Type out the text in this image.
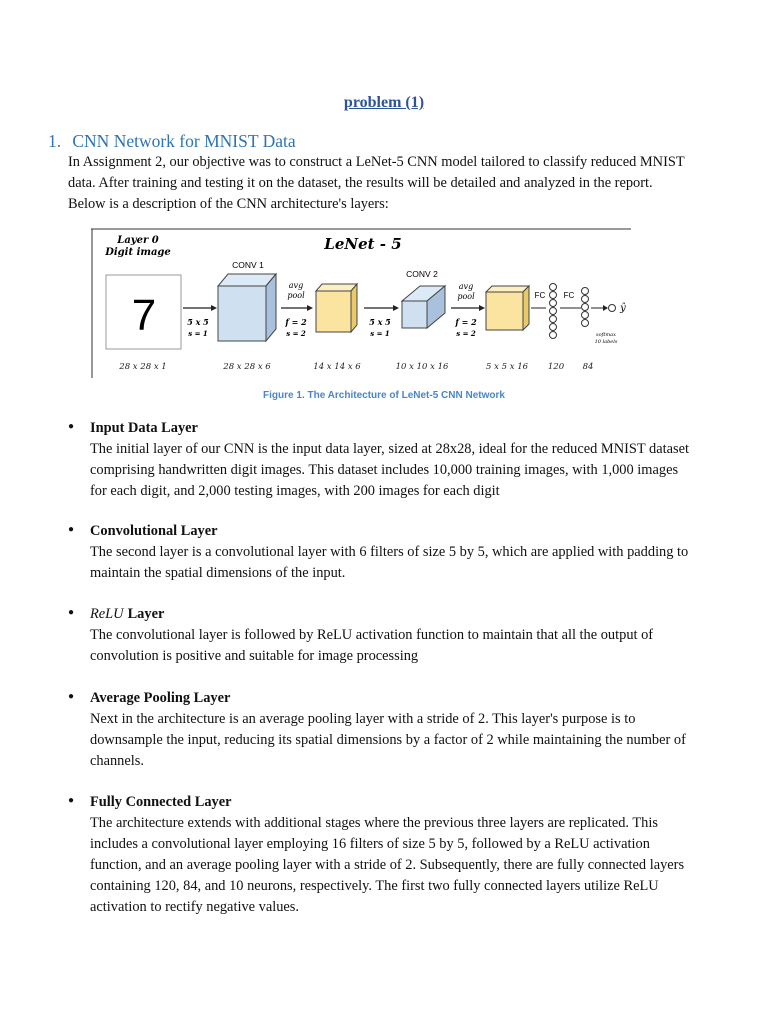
problem (1)
1. CNN Network for MNIST Data
In Assignment 2, our objective was to construct a LeNet-5 CNN model tailored to classify reduced MNIST data. After training and testing it on the dataset, the results will be detailed and analyzed in the report. Below is a description of the CNN architecture's layers:
Layer 0
Digit image	LeNet - 5
7	5 x 5
s = 1
CONV 1
avg
pool
f = 2
s = 2
5 x 5
s = 1
CONV 2
avg
pool
f = 2
s = 2
FC FC
ŷ
softmax
10 labels
28 x 28 x 1	28 x 28 x 6	14 x 14 x 6	10 x 10 x 16	5 x 5 x 16 120 84
Figure 1. The Architecture of LeNet-5 CNN Network
● Input Data Layer
The initial layer of our CNN is the input data layer, sized at 28x28, ideal for the reduced MNIST dataset comprising handwritten digit images. This dataset includes 10,000 training images, with 1,000 images for each digit, and 2,000 testing images, with 200 images for each digit
● Convolutional Layer
The second layer is a convolutional layer with 6 filters of size 5 by 5, which are applied with padding to maintain the spatial dimensions of the input.
● ReLU Layer
The convolutional layer is followed by ReLU activation function to maintain that all the output of convolution is positive and suitable for image processing
● Average Pooling Layer
Next in the architecture is an average pooling layer with a stride of 2. This layer's purpose is to downsample the input, reducing its spatial dimensions by a factor of 2 while maintaining the number of channels.
● Fully Connected Layer
The architecture extends with additional stages where the previous three layers are replicated. This includes a convolutional layer employing 16 filters of size 5 by 5, followed by a ReLU activation function, and an average pooling layer with a stride of 2. Subsequently, there are fully connected layers containing 120, 84, and 10 neurons, respectively. The first two fully connected layers utilize ReLU activation to rectify negative values.
